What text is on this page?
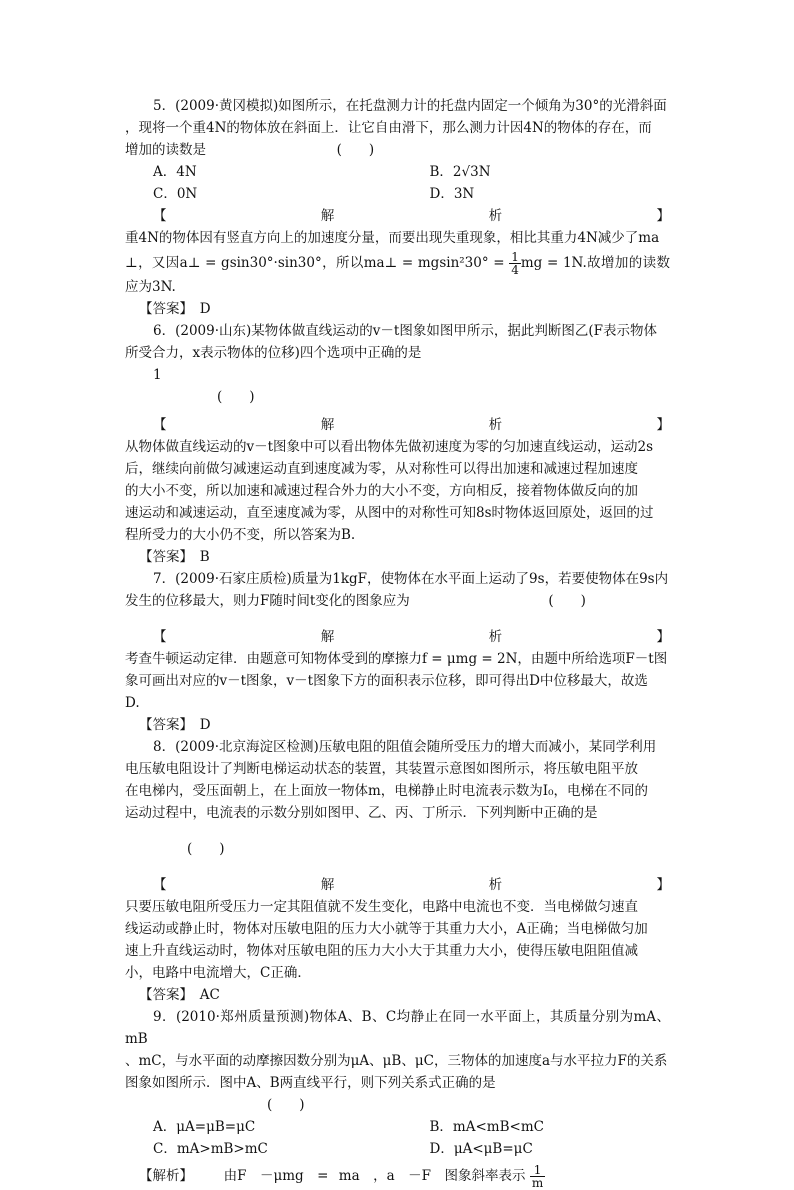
5．(2009·黄冈模拟)如图所示，在托盘测力计的托盘内固定一个倾角为30°的光滑斜面

，现将一个重4N的物体放在斜面上．让它自由滑下，那么测力计因4N的物体的存在，而

增加的读数是	(　　)

A．4N	B．2√3N
C．0N	D．3N
【	解	析	】

重4N的物体因有竖直方向上的加速度分量，而要出现失重现象，相比其重力4N减少了ma

⊥，又因a⊥ = gsin30°·sin30°，所以ma⊥ = $mgsin^230^\circ = \frac{1}{4}$ mg = 1N.故增加的读数应为3N.

【答案】　D

6．(2009·山东)某物体做直线运动的v－t图象如图甲所示，据此判断图乙(F表示物体

所受合力，x表示物体的位移)四个选项中正确的是

1

(　　)

【	解	析	】

从物体做直线运动的v－t图象中可以看出物体先做初速度为零的匀加速直线运动，运动2s

后，继续向前做匀减速运动直到速度减为零，从对称性可以得出加速和减速过程加速度

的大小不变，所以加速和减速过程合外力的大小不变，方向相反，接着物体做反向的加

速运动和减速运动，直至速度减为零，从图中的对称性可知8s时物体返回原处，返回的过

程所受力的大小仍不变，所以答案为B.

【答案】　B

7．(2009·石家庄质检)质量为1kgF，使物体在水平面上运动了9s，若要使物体在9s内

发生的位移最大，则力F随时间t变化的图象应为	(　　)

【	解	析	】

考查牛顿运动定律．由题意可知物体受到的摩擦力f = μmg = 2N，由题中所给选项F－t图

象可画出对应的v－t图象，v－t图象下方的面积表示位移，即可得出D中位移最大，故选

D.

【答案】　D

8．(2009·北京海淀区检测)压敏电阻的阻值会随所受压力的增大而减小，某同学利用

电压敏电阻设计了判断电梯运动状态的装置，其装置示意图如图所示，将压敏电阻平放

在电梯内，受压面朝上，在上面放一物体m，电梯静止时电流表示数为I₀，电梯在不同的

运动过程中，电流表的示数分别如图甲、乙、丙、丁所示．下列判断中正确的是

(　　)

【	解	析	】

只要压敏电阻所受压力一定其阻值就不发生变化，电路中电流也不变．当电梯做匀速直

线运动或静止时，物体对压敏电阻的压力大小就等于其重力大小，A正确；当电梯做匀加

速上升直线运动时，物体对压敏电阻的压力大小大于其重力大小，使得压敏电阻阻值减

小，电路中电流增大，C正确．

【答案】　AC

9．(2010·郑州质量预测)物体A、B、C均静止在同一水平面上，其质量分别为mA、mB

、mC，与水平面的动摩擦因数分别为μA、μB、μC，三物体的加速度a与水平拉力F的关系

图象如图所示．图中A、B两直线平行，则下列关系式正确的是

(　　)

A．μA=μB=μC	B．mA<mB<mC
C．mA>mB>mC	D．μA<μB=μC

【解析】 由F　－μmg　= ma　，a　－F　图象斜率表示 $\frac{1}{m}$
